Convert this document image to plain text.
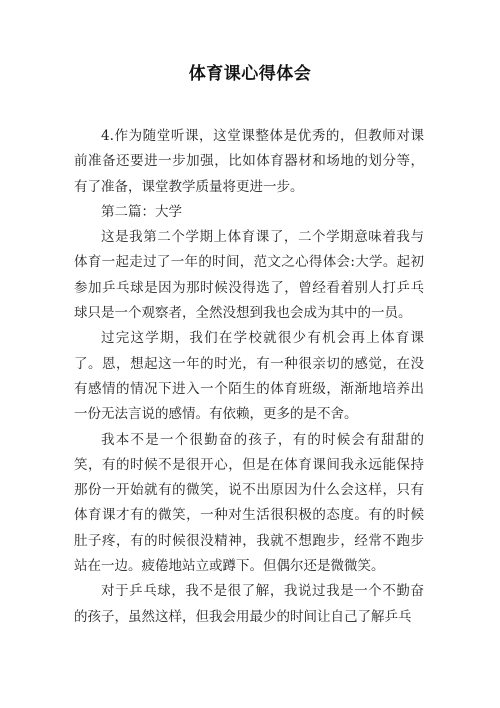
体育课心得体会

4.作为随堂听课，这堂课整体是优秀的，但教师对课前准备还要进一步加强，比如体育器材和场地的划分等，有了准备，课堂教学质量将更进一步。

第二篇：大学

这是我第二个学期上体育课了，二个学期意味着我与体育一起走过了一年的时间，范文之心得体会:大学。起初参加乒乓球是因为那时候没得选了，曾经看着别人打乒乓球只是一个观察者，全然没想到我也会成为其中的一员。

过完这学期，我们在学校就很少有机会再上体育课了。恩，想起这一年的时光，有一种很亲切的感觉，在没有感情的情况下进入一个陌生的体育班级，渐渐地培养出一份无法言说的感情。有依赖，更多的是不舍。

我本不是一个很勤奋的孩子，有的时候会有甜甜的笑，有的时候不是很开心，但是在体育课间我永远能保持那份一开始就有的微笑，说不出原因为什么会这样，只有体育课才有的微笑，一种对生活很积极的态度。有的时候肚子疼，有的时候很没精神，我就不想跑步，经常不跑步站在一边。疲倦地站立或蹲下。但偶尔还是微微笑。

对于乒乓球，我不是很了解，我说过我是一个不勤奋的孩子，虽然这样，但我会用最少的时间让自己了解乒乓
